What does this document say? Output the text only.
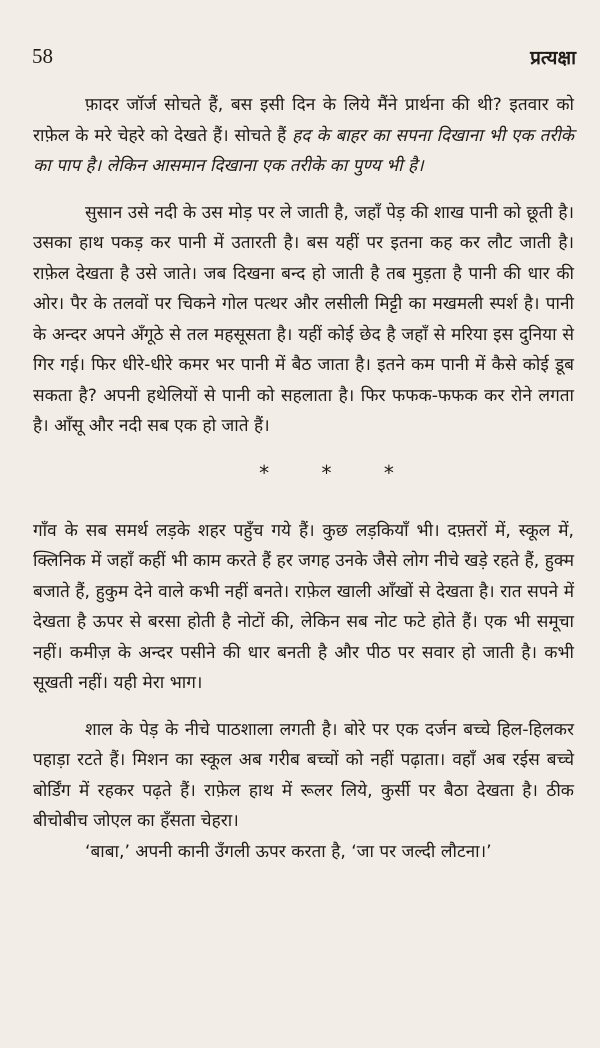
58	प्रत्यक्षा

फ़ादर जॉर्ज सोचते हैं, बस इसी दिन के लिये मैंने प्रार्थना की थी? इतवार को राफ़ेल के मरे चेहरे को देखते हैं। सोचते हैं हद के बाहर का सपना दिखाना भी एक तरीके का पाप है। लेकिन आसमान दिखाना एक तरीके का पुण्य भी है।

सुसान उसे नदी के उस मोड़ पर ले जाती है, जहाँ पेड़ की शाख पानी को छूती है। उसका हाथ पकड़ कर पानी में उतारती है। बस यहीं पर इतना कह कर लौट जाती है। राफ़ेल देखता है उसे जाते। जब दिखना बन्द हो जाती है तब मुड़ता है पानी की धार की ओर। पैर के तलवों पर चिकने गोल पत्थर और लसीली मिट्टी का मखमली स्पर्श है। पानी के अन्दर अपने अँगूठे से तल महसूसता है। यहीं कोई छेद है जहाँ से मरिया इस दुनिया से गिर गई। फिर धीरे-धीरे कमर भर पानी में बैठ जाता है। इतने कम पानी में कैसे कोई डूब सकता है? अपनी हथेलियों से पानी को सहलाता है। फिर फफक-फफक कर रोने लगता है। आँसू और नदी सब एक हो जाते हैं।

*	*	*

गाँव के सब समर्थ लड़के शहर पहुँच गये हैं। कुछ लड़कियाँ भी। दफ़्तरों में, स्कूल में, क्लिनिक में जहाँ कहीं भी काम करते हैं हर जगह उनके जैसे लोग नीचे खड़े रहते हैं, हुक्म बजाते हैं, हुकुम देने वाले कभी नहीं बनते। राफ़ेल खाली आँखों से देखता है। रात सपने में देखता है ऊपर से बरसा होती है नोटों की, लेकिन सब नोट फटे होते हैं। एक भी समूचा नहीं। कमीज़ के अन्दर पसीने की धार बनती है और पीठ पर सवार हो जाती है। कभी सूखती नहीं। यही मेरा भाग।

शाल के पेड़ के नीचे पाठशाला लगती है। बोरे पर एक दर्जन बच्चे हिल-हिलकर पहाड़ा रटते हैं। मिशन का स्कूल अब गरीब बच्चों को नहीं पढ़ाता। वहाँ अब रईस बच्चे बोर्डिंग में रहकर पढ़ते हैं। राफ़ेल हाथ में रूलर लिये, कुर्सी पर बैठा देखता है। ठीक बीचोबीच जोएल का हँसता चेहरा।

‘बाबा,’ अपनी कानी उँगली ऊपर करता है, ‘जा पर जल्दी लौटना।’
